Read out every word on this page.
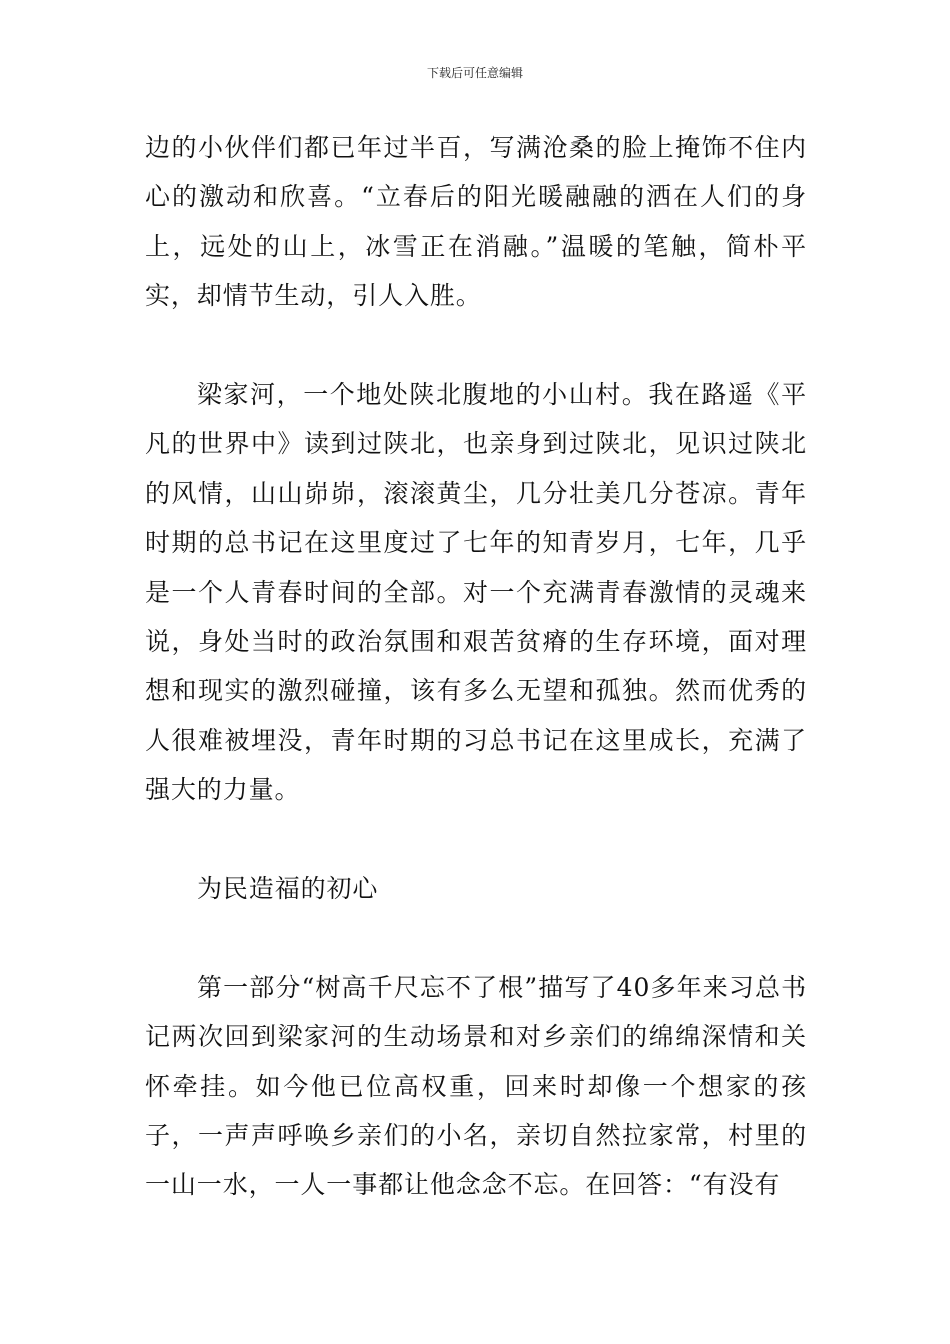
下载后可任意编辑

边的小伙伴们都已年过半百，写满沧桑的脸上掩饰不住内心的激动和欣喜。“立春后的阳光暖融融的洒在人们的身上，远处的山上，冰雪正在消融。”温暖的笔触，简朴平实，却情节生动，引人入胜。

梁家河，一个地处陕北腹地的小山村。我在路遥《平凡的世界中》读到过陕北，也亲身到过陕北，见识过陕北的风情，山山峁峁，滚滚黄尘，几分壮美几分苍凉。青年时期的总书记在这里度过了七年的知青岁月，七年，几乎是一个人青春时间的全部。对一个充满青春激情的灵魂来说，身处当时的政治氛围和艰苦贫瘠的生存环境，面对理想和现实的激烈碰撞，该有多么无望和孤独。然而优秀的人很难被埋没，青年时期的习总书记在这里成长，充满了强大的力量。

为民造福的初心

第一部分“树高千尺忘不了根”描写了40多年来习总书记两次回到梁家河的生动场景和对乡亲们的绵绵深情和关怀牵挂。如今他已位高权重，回来时却像一个想家的孩子，一声声呼唤乡亲们的小名，亲切自然拉家常，村里的一山一水，一人一事都让他念念不忘。在回答：“有没有
